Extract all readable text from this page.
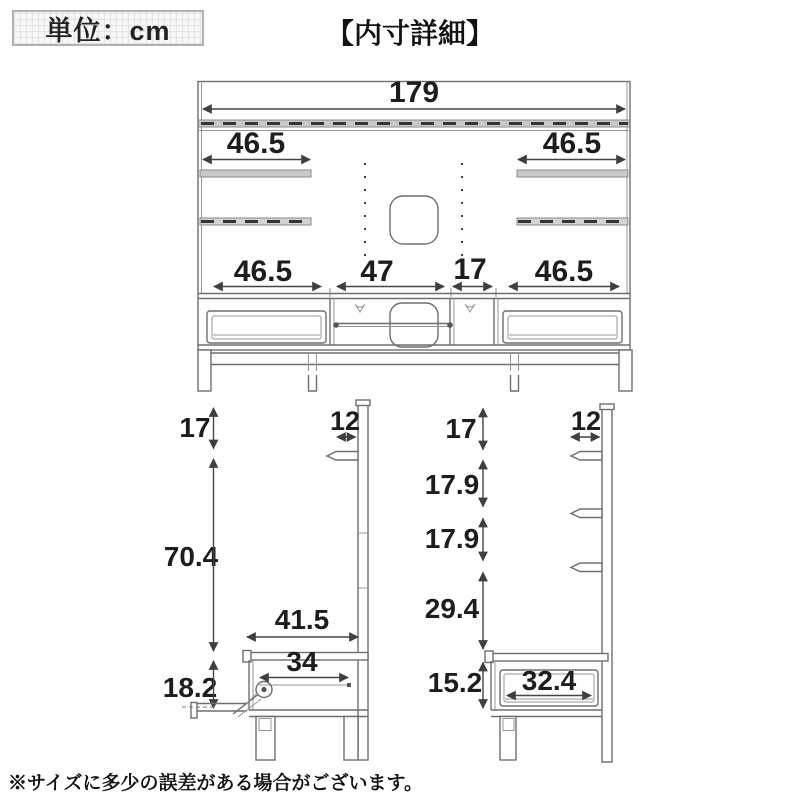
単位：cm	【内寸詳細】
179
46.5	46.5
46.5 47 17 46.5
12
17
70.4
41.5
34
18.2
12
17
17.9
17.9
29.4
32.4
15.2
※サイズに多少の誤差がある場合がございます。
